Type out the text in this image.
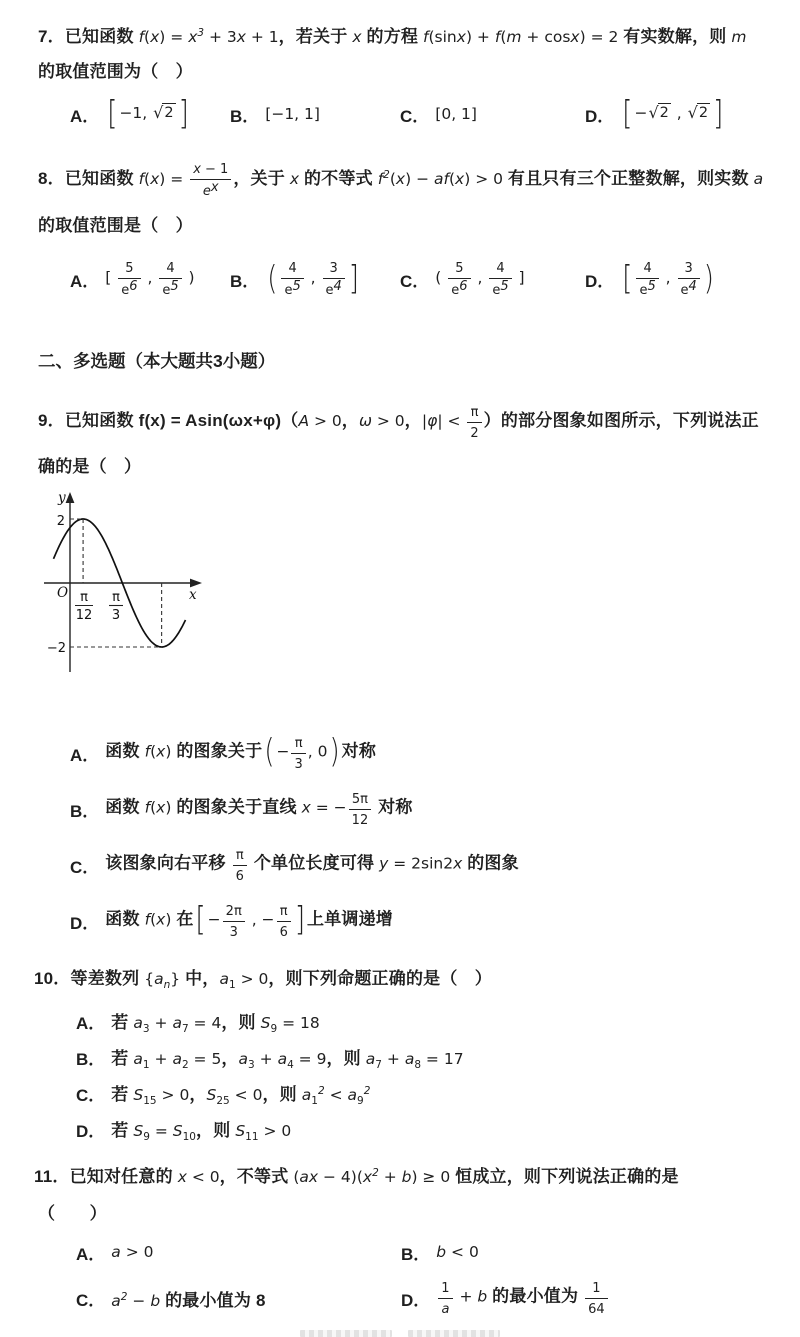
7．已知函数 $f(x) = x^3 + 3x + 1$，若关于 x 的方程 f(sinx) + f(m + cosx) = 2 有实数解，则 m 的取值范围为（　）
A． [ −1, √ 2 ] B． [−1, 1]	C． [0, 1]	D． [ − √ 2 , √ 2 ]
8．已知函数 $f(x) = \frac{x - 1}{e^x}$ ，关于 x 的不等式 $f^2(x) - af(x) > 0$ 有且只有三个正整数解，则实数 a 的取值范围是（　）
A． [ $\frac{5}{e^6}$ , $\frac{4}{e^5}$ ) B． ( $\frac{4}{e^5}$ , $\frac{3}{e^4}$ ] C． ( $\frac{5}{e^6}$ , $\frac{4}{e^5}$ ]	D． [ $\frac{4}{e^5}$ , $\frac{3}{e^4}$ )
二、多选题（本大题共3小题）
9．已知函数 f(x) = Asin(ωx+φ)（A > 0，ω > 0，$|\varphi| < \frac{\pi}{2}$ ）的部分图象如图所示，下列说法正确的是（　）
y
x
O
2
−2
π
12
π
3
A． 函数 f(x) 的图象关于( − $\frac{\pi}{3}$ , 0) 对称
B． 函数 f(x) 的图象关于直线 x = − $\frac{5\pi}{12}$ 对称
C． 该图象向右平移 $\frac{\pi}{6}$ 个单位长度可得 y = 2sin2x 的图象
D． 函数 f(x) 在[ − $\frac{2\pi}{3}$ , − $\frac{\pi}{6}$ ] 上单调递增
10．等差数列 $\{a_n\}$ 中，$a_1 > 0$，则下列命题正确的是（　）
A． 若 $a_3 + a_7 = 4$，则 $S_9 = 18$
B． 若 $a_1 + a_2 = 5$，$a_3 + a_4 = 9$，则 $a_7 + a_8 = 17$
C． 若 $S_{15} > 0$，$S_{25} < 0$，则 $a_1^2 < a_9^2$
D． 若 $S_9 = S_{10}$，则 $S_{11} > 0$
11．已知对任意的 x < 0，不等式 $(ax - 4)(x^2 + b) \ge 0$ 恒成立，则下列说法正确的是
（　　）
A． a > 0	B． b < 0
C． $a^2 - b$ 的最小值为 8	D． $\frac{1}{a} + b$ 的最小值为 $\frac{1}{64}$
